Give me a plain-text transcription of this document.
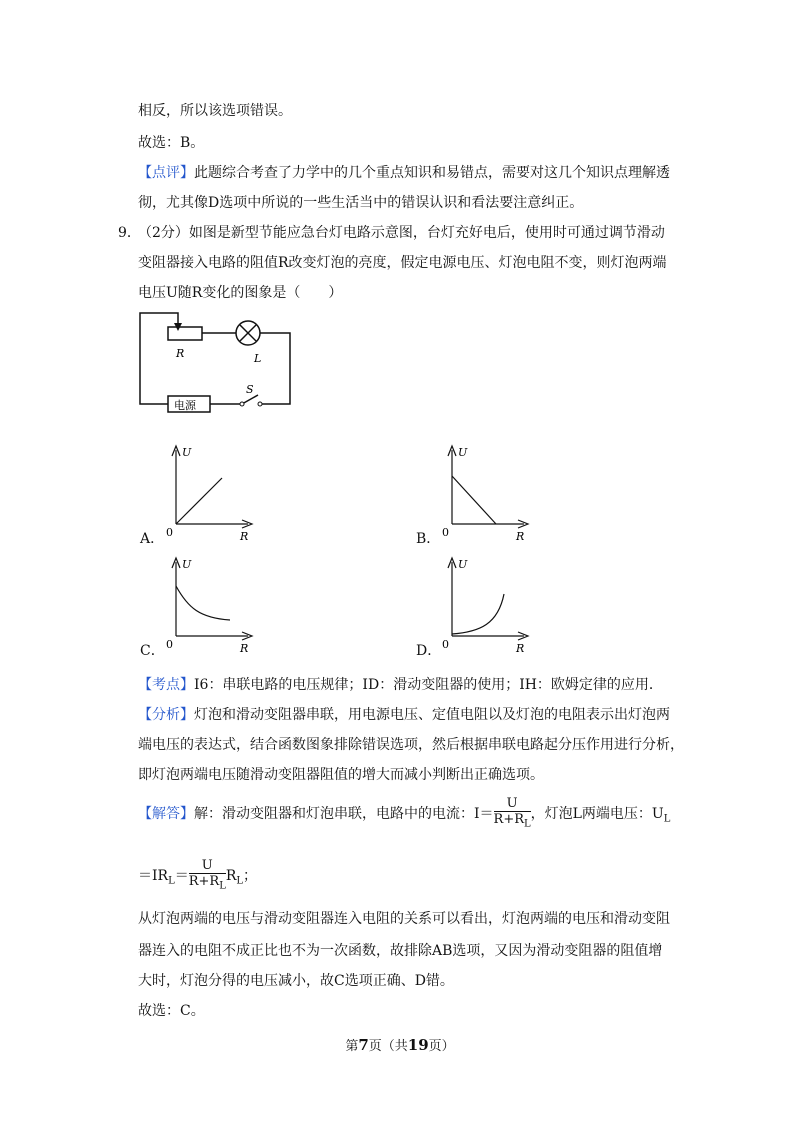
相反，所以该选项错误。
故选：B。
【点评】此题综合考查了力学中的几个重点知识和易错点，需要对这几个知识点理解透
彻，尤其像D选项中所说的一些生活当中的错误认识和看法要注意纠正。
9．
（2分）如图是新型节能应急台灯电路示意图，台灯充好电后，使用时可通过调节滑动
变阻器接入电路的阻值R改变灯泡的亮度，假定电源电压、灯泡电阻不变，则灯泡两端
电压U随R变化的图象是（　　）
R	L
S
电源
A．
U
R
0	B．
U
R
0
C．
U
R
0	D．
U
R
0
【考点】I6：串联电路的电压规律；ID：滑动变阻器的使用；IH：欧姆定律的应用．
【分析】灯泡和滑动变阻器串联，用电源电压、定值电阻以及灯泡的电阻表示出灯泡两
端电压的表达式，结合函数图象排除错误选项，然后根据串联电路起分压作用进行分析，
即灯泡两端电压随滑动变阻器阻值的增大而减小判断出正确选项。
【解答】解：滑动变阻器和灯泡串联，电路中的电流：$I= \frac{U}{R+R_L}$ ，灯泡L两端电压：$U_L$
$=IR_L= \frac{U}{R+R_L} R_L$；
从灯泡两端的电压与滑动变阻器连入电阻的关系可以看出，灯泡两端的电压和滑动变阻
器连入的电阻不成正比也不为一次函数，故排除AB选项，又因为滑动变阻器的阻值增
大时，灯泡分得的电压减小，故C选项正确、D错。
故选：C。
第7页（共19页）
